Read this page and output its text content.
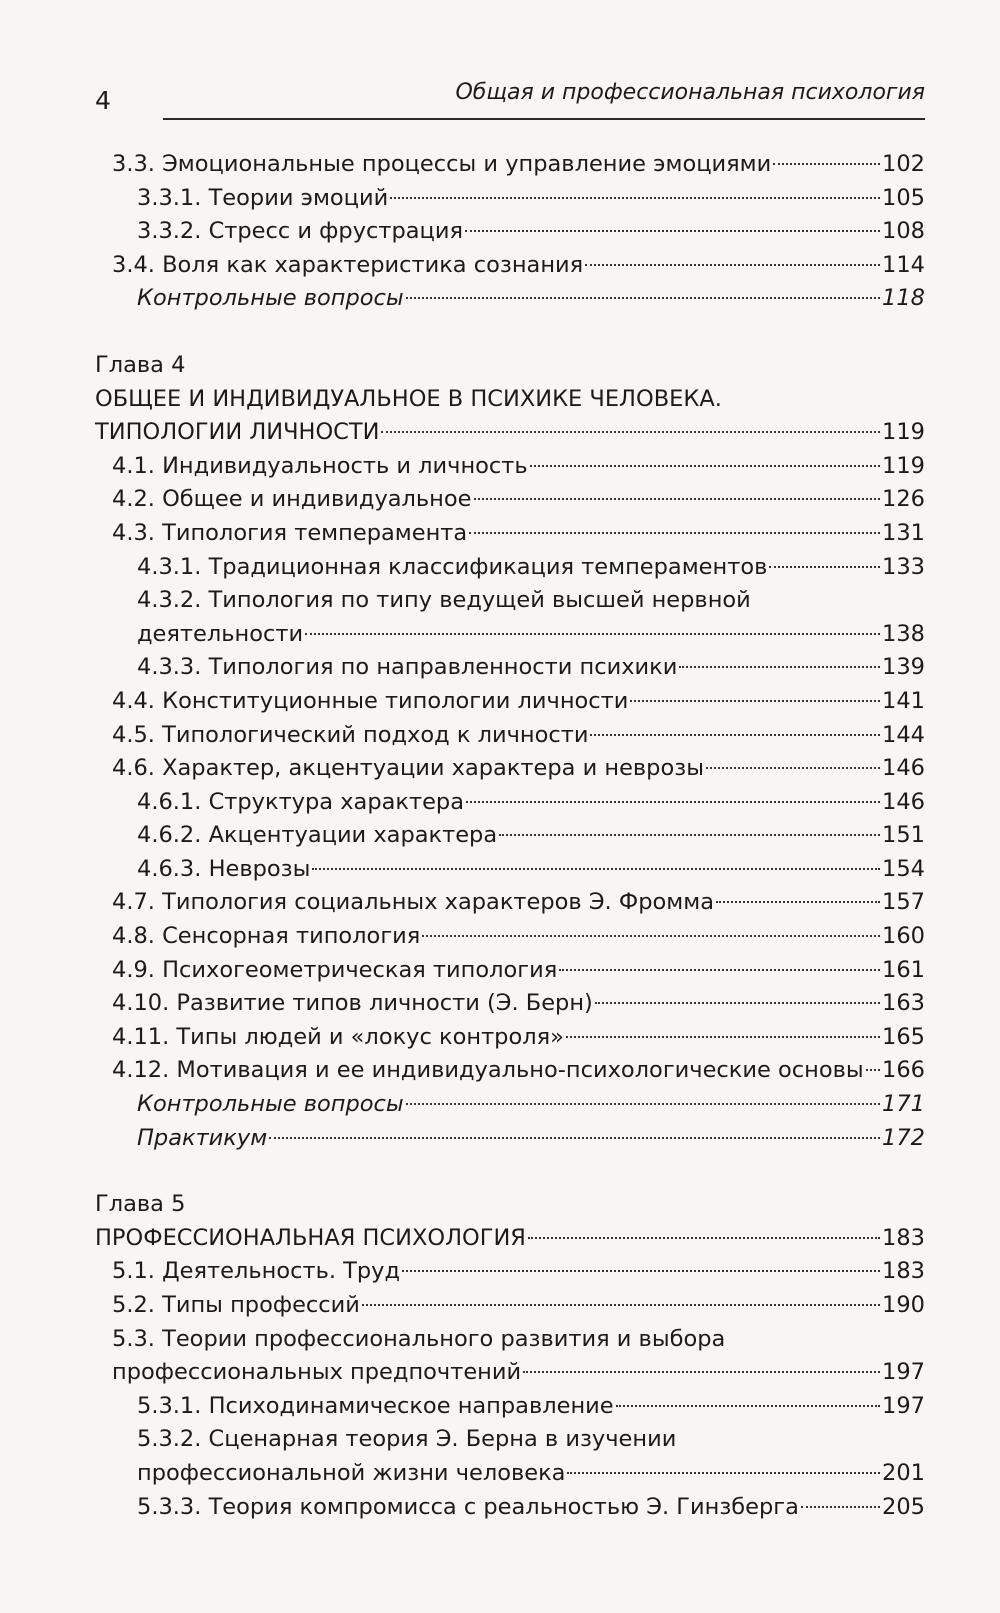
4	Общая и профессиональная психология
3.3. Эмоциональные процессы и управление эмоциями	102
3.3.1. Теории эмоций	105
3.3.2. Стресс и фрустрация	108
3.4. Воля как характеристика сознания	114
Контрольные вопросы	118
Глава 4
ОБЩЕЕ И ИНДИВИДУАЛЬНОЕ В ПСИХИКЕ ЧЕЛОВЕКА.
ТИПОЛОГИИ ЛИЧНОСТИ	119
4.1. Индивидуальность и личность	119
4.2. Общее и индивидуальное	126
4.3. Типология темперамента	131
4.3.1. Традиционная классификация темпераментов	133
4.3.2. Типология по типу ведущей высшей нервной
деятельности	138
4.3.3. Типология по направленности психики	139
4.4. Конституционные типологии личности	141
4.5. Типологический подход к личности	144
4.6. Характер, акцентуации характера и неврозы	146
4.6.1. Структура характера	146
4.6.2. Акцентуации характера	151
4.6.3. Неврозы	154
4.7. Типология социальных характеров Э. Фромма	157
4.8. Сенсорная типология	160
4.9. Психогеометрическая типология	161
4.10. Развитие типов личности (Э. Берн)	163
4.11. Типы людей и «локус контроля»	165
4.12. Мотивация и ее индивидуально-психологические основы 166
Контрольные вопросы	171
Практикум	172
Глава 5
ПРОФЕССИОНАЛЬНАЯ ПСИХОЛОГИЯ	183
5.1. Деятельность. Труд	183
5.2. Типы профессий	190
5.3. Теории профессионального развития и выбора
профессиональных предпочтений	197
5.3.1. Психодинамическое направление	197
5.3.2. Сценарная теория Э. Берна в изучении
профессиональной жизни человека	201
5.3.3. Теория компромисса с реальностью Э. Гинзберга	205
